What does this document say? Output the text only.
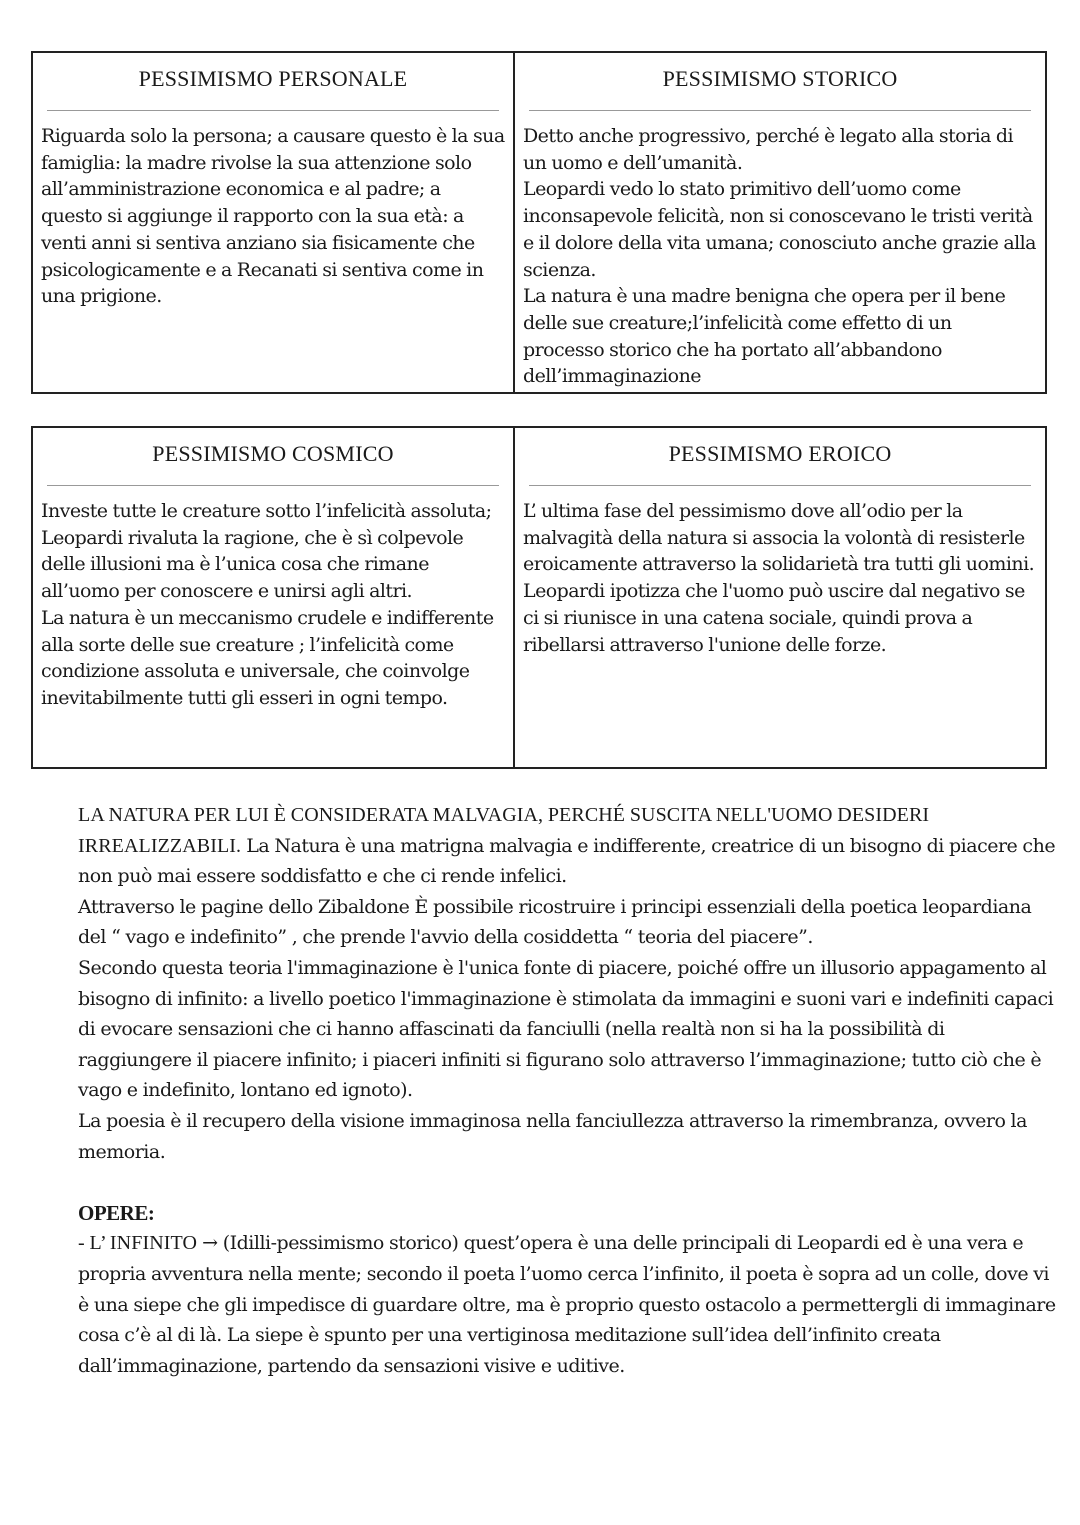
PESSIMISMO PERSONALE

Riguarda solo la persona; a causare questo è la sua famiglia: la madre rivolse la sua attenzione solo all’amministrazione economica e al padre; a questo si aggiunge il rapporto con la sua età: a venti anni si sentiva anziano sia fisicamente che psicologicamente e a Recanati si sentiva come in una prigione.

PESSIMISMO STORICO

Detto anche progressivo, perché è legato alla storia di un uomo e dell’umanità.

Leopardi vedo lo stato primitivo dell’uomo come inconsapevole felicità, non si conoscevano le tristi verità e il dolore della vita umana; conosciuto anche grazie alla scienza.

La natura è una madre benigna che opera per il bene delle sue creature;l’infelicità come effetto di un processo storico che ha portato all’abbandono dell’immaginazione

PESSIMISMO COSMICO

Investe tutte le creature sotto l’infelicità assoluta; Leopardi rivaluta la ragione, che è sì colpevole delle illusioni ma è l’unica cosa che rimane all’uomo per conoscere e unirsi agli altri.

La natura è un meccanismo crudele e indifferente alla sorte delle sue creature ; l’infelicità come condizione assoluta e universale, che coinvolge inevitabilmente tutti gli esseri in ogni tempo.

PESSIMISMO EROICO

L’ ultima fase del pessimismo dove all’odio per la malvagità della natura si associa la volontà di resisterle eroicamente attraverso la solidarietà tra tutti gli uomini.

Leopardi ipotizza che l'uomo può uscire dal negativo se ci si riunisce in una catena sociale, quindi prova a ribellarsi attraverso l'unione delle forze.

LA NATURA PER LUI È CONSIDERATA MALVAGIA, PERCHÉ SUSCITA NELL'UOMO DESIDERI IRREALIZZABILI. La Natura è una matrigna malvagia e indifferente, creatrice di un bisogno di piacere che non può mai essere soddisfatto e che ci rende infelici.

Attraverso le pagine dello Zibaldone È possibile ricostruire i principi essenziali della poetica leopardiana del “ vago e indefinito” , che prende l'avvio della cosiddetta “ teoria del piacere”.

Secondo questa teoria l'immaginazione è l'unica fonte di piacere, poiché offre un illusorio appagamento al bisogno di infinito: a livello poetico l'immaginazione è stimolata da immagini e suoni vari e indefiniti capaci di evocare sensazioni che ci hanno affascinati da fanciulli (nella realtà non si ha la possibilità di raggiungere il piacere infinito; i piaceri infiniti si figurano solo attraverso l’immaginazione; tutto ciò che è vago e indefinito, lontano ed ignoto).

La poesia è il recupero della visione immaginosa nella fanciullezza attraverso la rimembranza, ovvero la memoria.

OPERE:

- L’ INFINITO → (Idilli-pessimismo storico) quest’opera è una delle principali di Leopardi ed è una vera e propria avventura nella mente; secondo il poeta l’uomo cerca l’infinito, il poeta è sopra ad un colle, dove vi è una siepe che gli impedisce di guardare oltre, ma è proprio questo ostacolo a permettergli di immaginare cosa c’è al di là. La siepe è spunto per una vertiginosa meditazione sull’idea dell’infinito creata dall’immaginazione, partendo da sensazioni visive e uditive.
